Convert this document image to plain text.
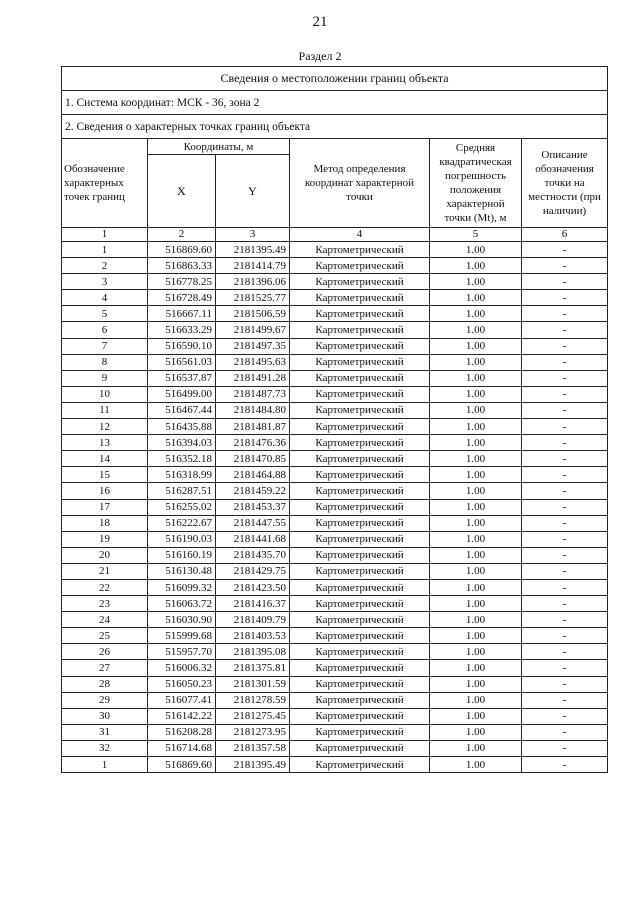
21
Раздел 2
Сведения о местоположении границ объекта					
1. Система координат: МСК - 36, зона 2					
2. Сведения о характерных точках границ объекта					
Обозначение характерных точек границ	Координаты, м		Метод определения координат характерной точки	Средняя квадратическая погрешность положения характерной точки (Mt), м	Описание обозначения точки на местности (при наличии)
	X	Y			
1	2	3	4	5	6
1	516869.60	2181395.49	Картометрический	1.00	-
2	516863.33	2181414.79	Картометрический	1.00	-
3	516778.25	2181396.06	Картометрический	1.00	-
4	516728.49	2181525.77	Картометрический	1.00	-
5	516667.11	2181506.59	Картометрический	1.00	-
6	516633.29	2181499.67	Картометрический	1.00	-
7	516590.10	2181497.35	Картометрический	1.00	-
8	516561.03	2181495.63	Картометрический	1.00	-
9	516537.87	2181491.28	Картометрический	1.00	-
10	516499.00	2181487.73	Картометрический	1.00	-
11	516467.44	2181484.80	Картометрический	1.00	-
12	516435.88	2181481.87	Картометрический	1.00	-
13	516394.03	2181476.36	Картометрический	1.00	-
14	516352.18	2181470.85	Картометрический	1.00	-
15	516318.99	2181464.88	Картометрический	1.00	-
16	516287.51	2181459.22	Картометрический	1.00	-
17	516255.02	2181453.37	Картометрический	1.00	-
18	516222.67	2181447.55	Картометрический	1.00	-
19	516190.03	2181441.68	Картометрический	1.00	-
20	516160.19	2181435.70	Картометрический	1.00	-
21	516130.48	2181429.75	Картометрический	1.00	-
22	516099.32	2181423.50	Картометрический	1.00	-
23	516063.72	2181416.37	Картометрический	1.00	-
24	516030.90	2181409.79	Картометрический	1.00	-
25	515999.68	2181403.53	Картометрический	1.00	-
26	515957.70	2181395.08	Картометрический	1.00	-
27	516006.32	2181375.81	Картометрический	1.00	-
28	516050.23	2181301.59	Картометрический	1.00	-
29	516077.41	2181278.59	Картометрический	1.00	-
30	516142.22	2181275.45	Картометрический	1.00	-
31	516208.28	2181273.95	Картометрический	1.00	-
32	516714.68	2181357.58	Картометрический	1.00	-
1	516869.60	2181395.49	Картометрический	1.00	-
